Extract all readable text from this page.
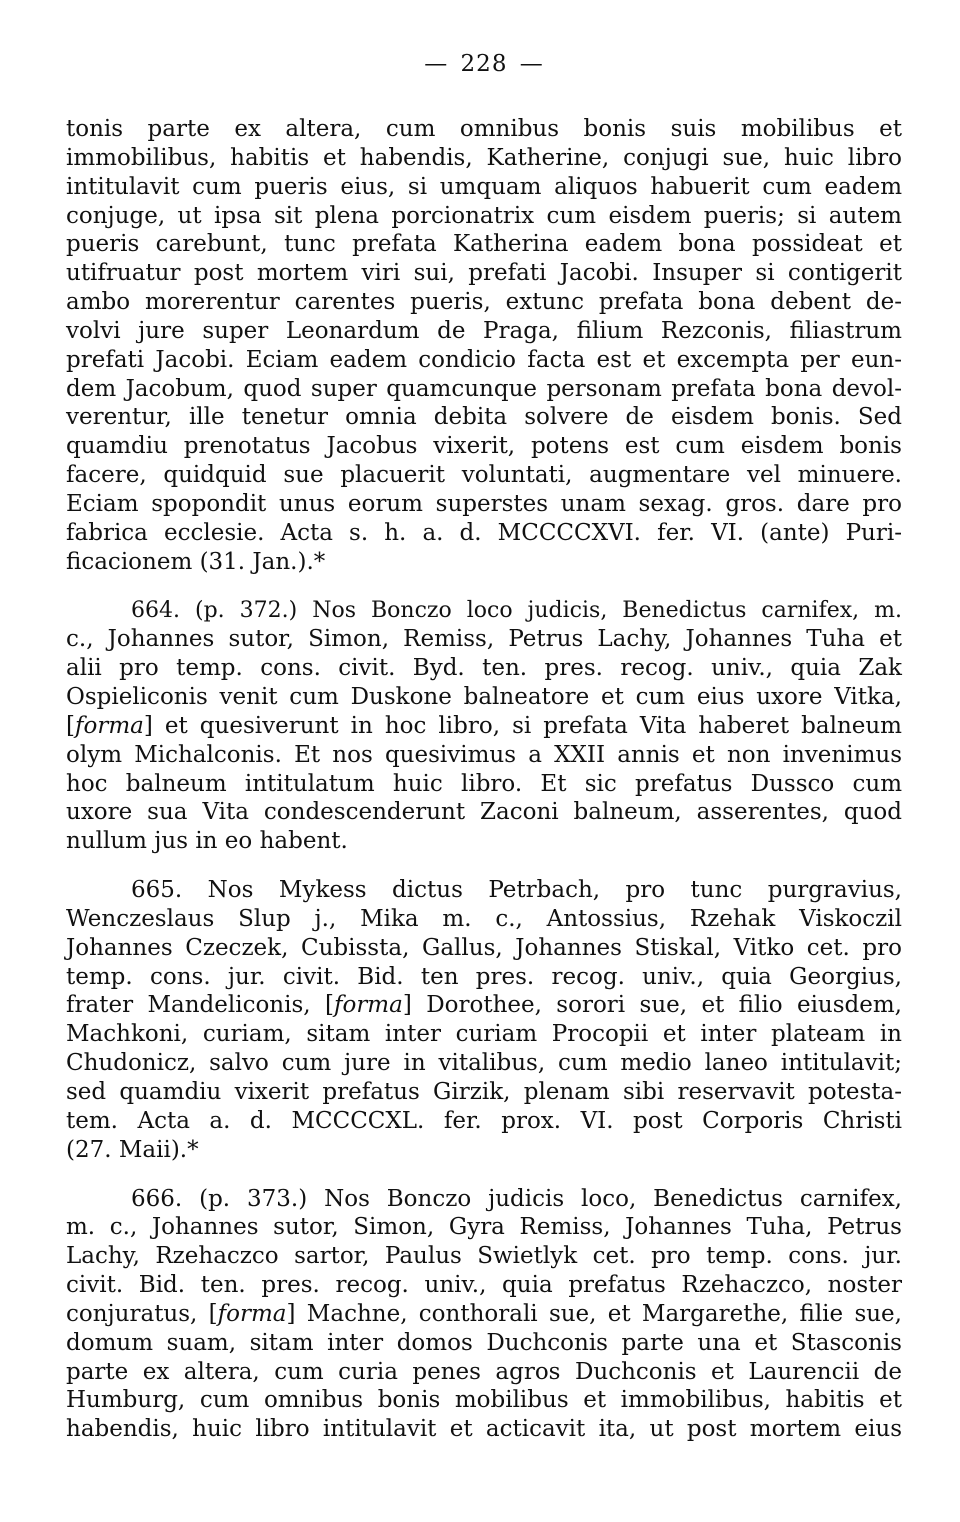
— 228 —
tonis parte ex altera, cum omnibus bonis suis mobilibus et
immobilibus, habitis et habendis, Katherine, conjugi sue, huic libro
intitulavit cum pueris eius, si umquam aliquos habuerit cum eadem
conjuge, ut ipsa sit plena porcionatrix cum eisdem pueris; si autem
pueris carebunt, tunc prefata Katherina eadem bona possideat et
utifruatur post mortem viri sui, prefati Jacobi. Insuper si contigerit
ambo morerentur carentes pueris, extunc prefata bona debent de-
volvi jure super Leonardum de Praga, filium Rezconis, filiastrum
prefati Jacobi. Eciam eadem condicio facta est et excempta per eun-
dem Jacobum, quod super quamcunque personam prefata bona devol-
verentur, ille tenetur omnia debita solvere de eisdem bonis. Sed
quamdiu prenotatus Jacobus vixerit, potens est cum eisdem bonis
facere, quidquid sue placuerit voluntati, augmentare vel minuere.
Eciam spopondit unus eorum superstes unam sexag. gros. dare pro
fabrica ecclesie. Acta s. h. a. d. MCCCCXVI. fer. VI. (ante) Puri-
ficacionem (31. Jan.).*
664. (p. 372.) Nos Bonczo loco judicis, Benedictus carnifex, m.
c., Johannes sutor, Simon, Remiss, Petrus Lachy, Johannes Tuha et
alii pro temp. cons. civit. Byd. ten. pres. recog. univ., quia Zak
Ospieliconis venit cum Duskone balneatore et cum eius uxore Vitka,
[forma] et quesiverunt in hoc libro, si prefata Vita haberet balneum
olym Michalconis. Et nos quesivimus a XXII annis et non invenimus
hoc balneum intitulatum huic libro. Et sic prefatus Dussco cum
uxore sua Vita condescenderunt Zaconi balneum, asserentes, quod
nullum jus in eo habent.
665. Nos Mykess dictus Petrbach, pro tunc purgravius,
Wenczeslaus Slup j., Mika m. c., Antossius, Rzehak Viskoczil
Johannes Czeczek, Cubissta, Gallus, Johannes Stiskal, Vitko cet. pro
temp. cons. jur. civit. Bid. ten pres. recog. univ., quia Georgius,
frater Mandeliconis, [forma] Dorothee, sorori sue, et filio eiusdem,
Machkoni, curiam, sitam inter curiam Procopii et inter plateam in
Chudonicz, salvo cum jure in vitalibus, cum medio laneo intitulavit;
sed quamdiu vixerit prefatus Girzik, plenam sibi reservavit potesta-
tem. Acta a. d. MCCCCXL. fer. prox. VI. post Corporis Christi
(27. Maii).*
666. (p. 373.) Nos Bonczo judicis loco, Benedictus carnifex,
m. c., Johannes sutor, Simon, Gyra Remiss, Johannes Tuha, Petrus
Lachy, Rzehaczco sartor, Paulus Swietlyk cet. pro temp. cons. jur.
civit. Bid. ten. pres. recog. univ., quia prefatus Rzehaczco, noster
conjuratus, [forma] Machne, conthorali sue, et Margarethe, filie sue,
domum suam, sitam inter domos Duchconis parte una et Stasconis
parte ex altera, cum curia penes agros Duchconis et Laurencii de
Humburg, cum omnibus bonis mobilibus et immobilibus, habitis et
habendis, huic libro intitulavit et acticavit ita, ut post mortem eius
